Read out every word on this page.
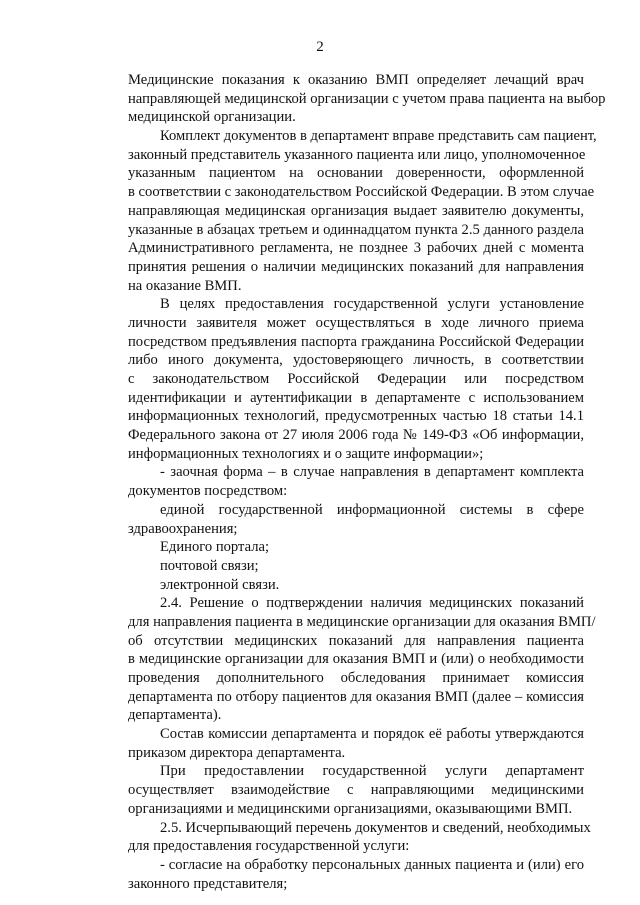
2
Медицинские показания к оказанию ВМП определяет лечащий врач
направляющей медицинской организации с учетом права пациента на выбор
медицинской организации.
Комплект документов в департамент вправе представить сам пациент,
законный представитель указанного пациента или лицо, уполномоченное
указанным пациентом на основании доверенности, оформленной
в соответствии с законодательством Российской Федерации. В этом случае
направляющая медицинская организация выдает заявителю документы,
указанные в абзацах третьем и одиннадцатом пункта 2.5 данного раздела
Административного регламента, не позднее 3 рабочих дней с момента
принятия решения о наличии медицинских показаний для направления
на оказание ВМП.
В целях предоставления государственной услуги установление
личности заявителя может осуществляться в ходе личного приема
посредством предъявления паспорта гражданина Российской Федерации
либо иного документа, удостоверяющего личность, в соответствии
с законодательством Российской Федерации или посредством
идентификации и аутентификации в департаменте с использованием
информационных технологий, предусмотренных частью 18 статьи 14.1
Федерального закона от 27 июля 2006 года № 149-ФЗ «Об информации,
информационных технологиях и о защите информации»;
- заочная форма – в случае направления в департамент комплекта
документов посредством:
единой государственной информационной системы в сфере
здравоохранения;
Единого портала;
почтовой связи;
электронной связи.
2.4. Решение о подтверждении наличия медицинских показаний
для направления пациента в медицинские организации для оказания ВМП/
об отсутствии медицинских показаний для направления пациента
в медицинские организации для оказания ВМП и (или) о необходимости
проведения дополнительного обследования принимает комиссия
департамента по отбору пациентов для оказания ВМП (далее – комиссия
департамента).
Состав комиссии департамента и порядок её работы утверждаются
приказом директора департамента.
При предоставлении государственной услуги департамент
осуществляет взаимодействие с направляющими медицинскими
организациями и медицинскими организациями, оказывающими ВМП.
2.5. Исчерпывающий перечень документов и сведений, необходимых
для предоставления государственной услуги:
- согласие на обработку персональных данных пациента и (или) его
законного представителя;
